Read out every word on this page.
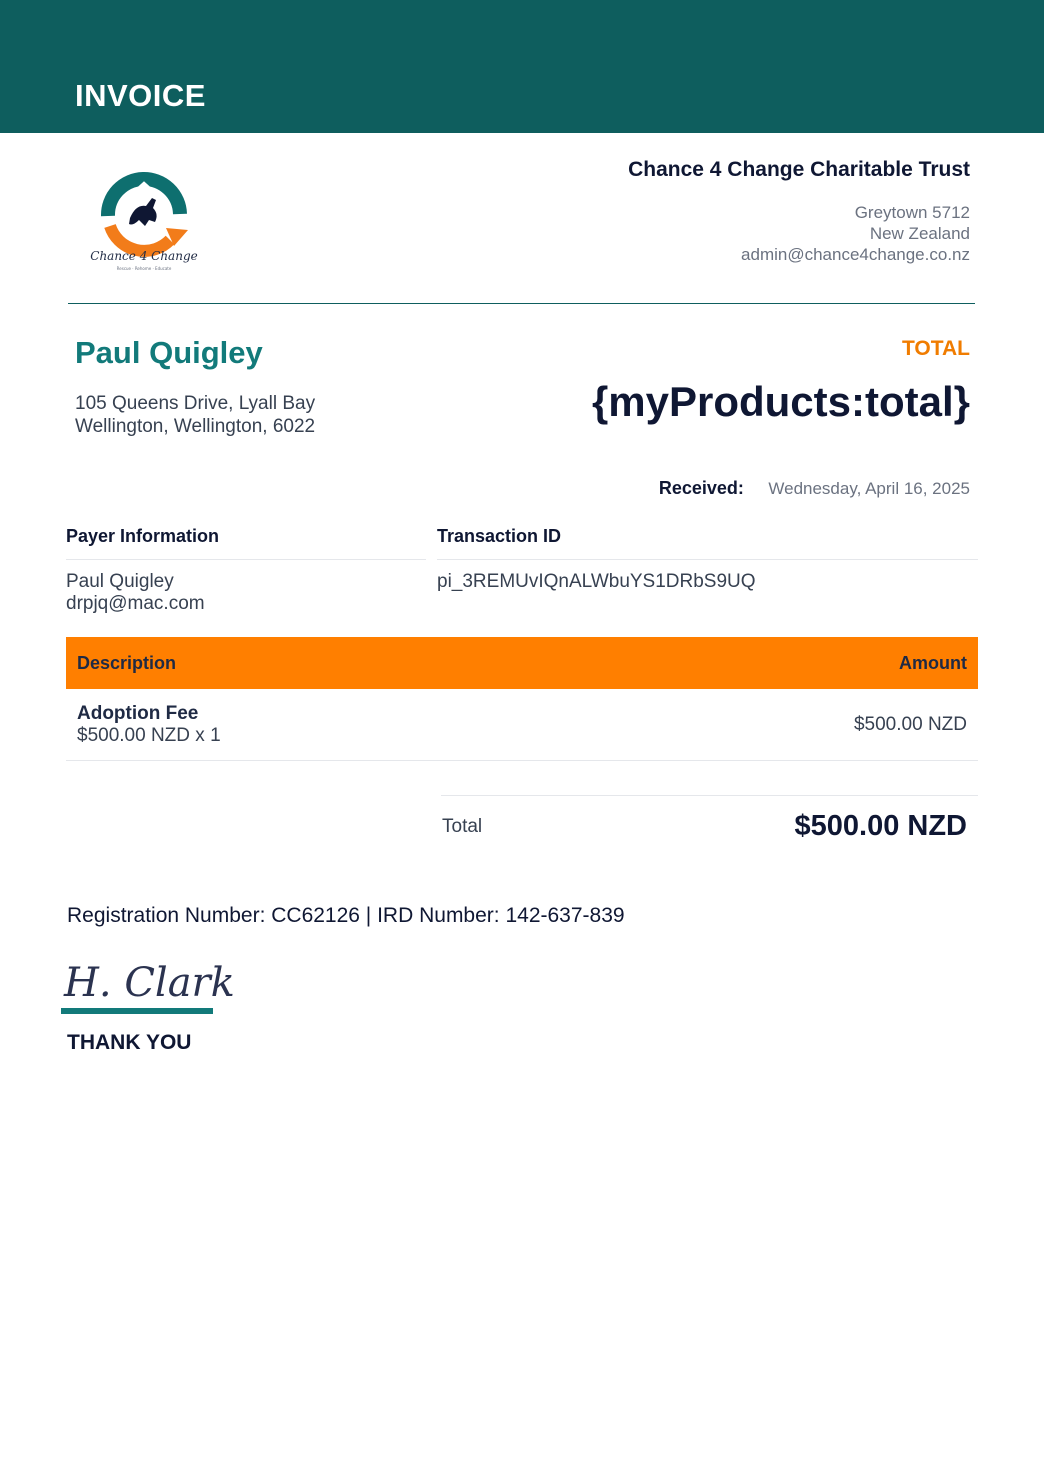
INVOICE
Chance 4 Change
Rescue · Rehome · Educate
Chance 4 Change Charitable Trust
Greytown 5712
New Zealand
admin@chance4change.co.nz
Paul Quigley
105 Queens Drive, Lyall Bay
Wellington, Wellington, 6022
TOTAL
{myProducts:total}
Received: Wednesday, April 16, 2025
Payer Information
Paul Quigley
drpjq@mac.com
Transaction ID
pi_3REMUvIQnALWbuYS1DRbS9UQ
Description	Amount
Adoption Fee
$500.00 NZD x 1
$500.00 NZD
Total	$500.00 NZD
Registration Number: CC62126 | IRD Number: 142-637-839
H. Clark
THANK YOU
